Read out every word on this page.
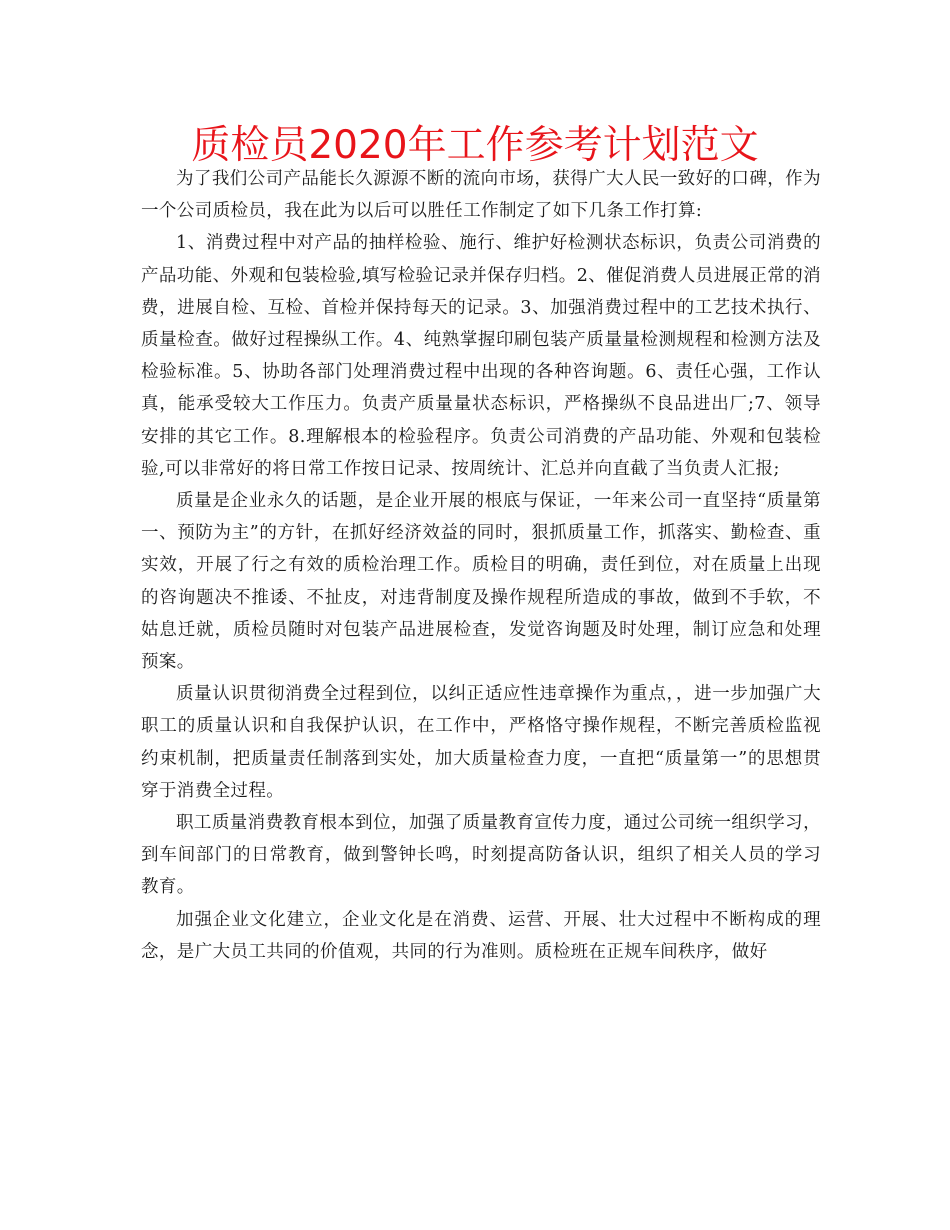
质检员2020年工作参考计划范文

为了我们公司产品能长久源源不断的流向市场，获得广大人民一致好的口碑，作为一个公司质检员，我在此为以后可以胜任工作制定了如下几条工作打算:

1、消费过程中对产品的抽样检验、施行、维护好检测状态标识，负责公司消费的产品功能、外观和包装检验,填写检验记录并保存归档。2、催促消费人员进展正常的消费，进展自检、互检、首检并保持每天的记录。3、加强消费过程中的工艺技术执行、质量检查。做好过程操纵工作。4、纯熟掌握印刷包装产质量量检测规程和检测方法及检验标准。5、协助各部门处理消费过程中出现的各种咨询题。6、责任心强，工作认真，能承受较大工作压力。负责产质量量状态标识，严格操纵不良品进出厂;7、领导安排的其它工作。8.理解根本的检验程序。负责公司消费的产品功能、外观和包装检验,可以非常好的将日常工作按日记录、按周统计、汇总并向直截了当负责人汇报;

质量是企业永久的话题，是企业开展的根底与保证，一年来公司一直坚持“质量第一、预防为主”的方针，在抓好经济效益的同时，狠抓质量工作，抓落实、勤检查、重实效，开展了行之有效的质检治理工作。质检目的明确，责任到位，对在质量上出现的咨询题决不推诿、不扯皮，对违背制度及操作规程所造成的事故，做到不手软，不姑息迁就，质检员随时对包装产品进展检查，发觉咨询题及时处理，制订应急和处理预案。

质量认识贯彻消费全过程到位，以纠正适应性违章操作为重点，，进一步加强广大职工的质量认识和自我保护认识，在工作中，严格恪守操作规程，不断完善质检监视约束机制，把质量责任制落到实处，加大质量检查力度，一直把“质量第一”的思想贯穿于消费全过程。

职工质量消费教育根本到位，加强了质量教育宣传力度，通过公司统一组织学习，到车间部门的日常教育，做到警钟长鸣，时刻提高防备认识，组织了相关人员的学习教育。

加强企业文化建立，企业文化是在消费、运营、开展、壮大过程中不断构成的理念，是广大员工共同的价值观，共同的行为准则。质检班在正规车间秩序，做好
